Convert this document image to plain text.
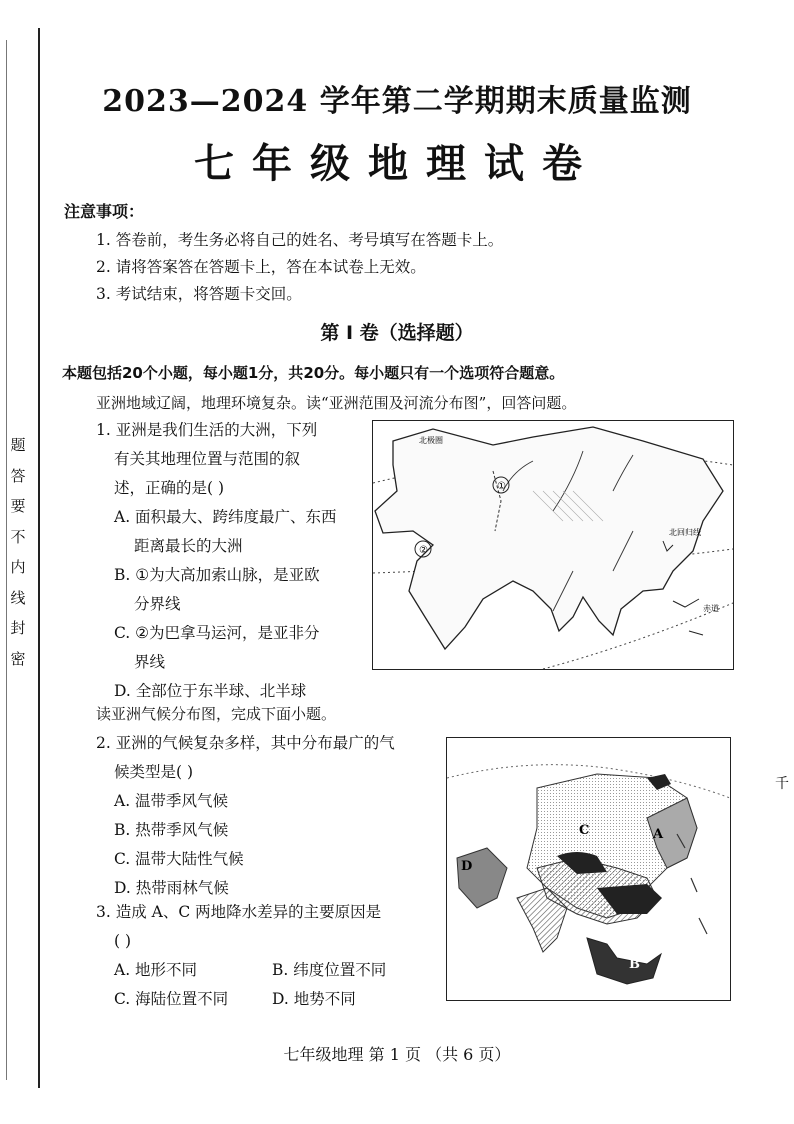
题
答
要
不
内
线
封
密
2023—2024 学年第二学期期末质量监测
七年级地理试卷
注意事项：
1. 答卷前，考生务必将自己的姓名、考号填写在答题卡上。
2. 请将答案答在答题卡上，答在本试卷上无效。
3. 考试结束，将答题卡交回。
第 I 卷（选择题）
本题包括20个小题，每小题1分，共20分。每小题只有一个选项符合题意。
亚洲地域辽阔，地理环境复杂。读“亚洲范围及河流分布图”，回答问题。
1. 亚洲是我们生活的大洲，下列
有关其地理位置与范围的叙
述，正确的是( )
A. 面积最大、跨纬度最广、东西
距离最长的大洲
B. ①为大高加索山脉，是亚欧
分界线
C. ②为巴拿马运河，是亚非分
界线
D. 全部位于东半球、北半球
①
②
北极圈
北回归线
赤道
读亚洲气候分布图，完成下面小题。
2. 亚洲的气候复杂多样，其中分布最广的气
候类型是( )
A. 温带季风气候
B. 热带季风气候
C. 温带大陆性气候
D. 热带雨林气候
3. 造成 A、C 两地降水差异的主要原因是
( )
A. 地形不同	B. 纬度位置不同
C. 海陆位置不同	D. 地势不同
C	A
D
B
千
七年级地理 第 1 页 （共 6 页）
